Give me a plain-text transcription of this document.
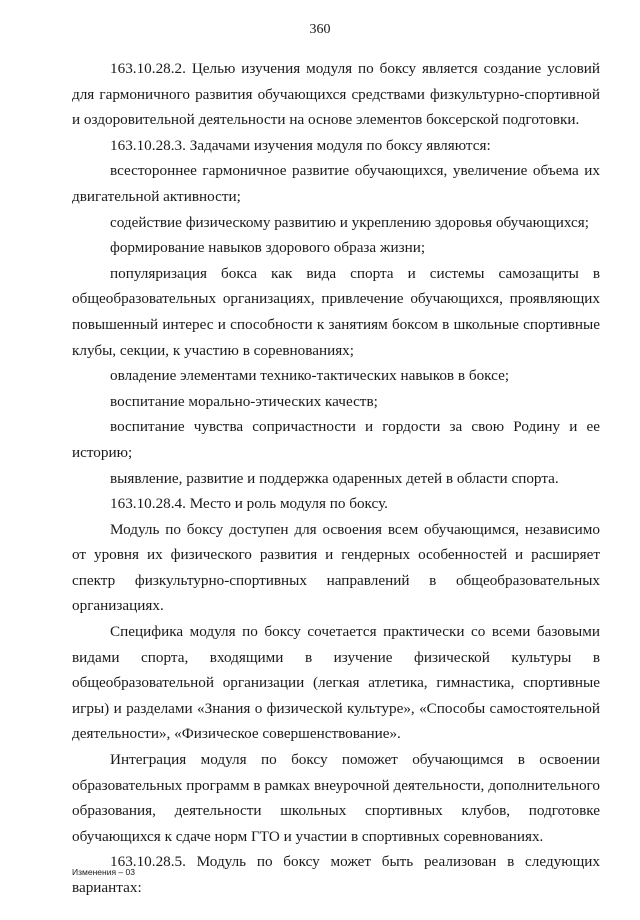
360

163.10.28.2. Целью изучения модуля по боксу является создание условий для гармоничного развития обучающихся средствами физкультурно-спортивной и оздоровительной деятельности на основе элементов боксерской подготовки.

163.10.28.3. Задачами изучения модуля по боксу являются:

всестороннее гармоничное развитие обучающихся, увеличение объема их двигательной активности;

содействие физическому развитию и укреплению здоровья обучающихся;

формирование навыков здорового образа жизни;

популяризация бокса как вида спорта и системы самозащиты в общеобразовательных организациях, привлечение обучающихся, проявляющих повышенный интерес и способности к занятиям боксом в школьные спортивные клубы, секции, к участию в соревнованиях;

овладение элементами технико-тактических навыков в боксе;

воспитание морально-этических качеств;

воспитание чувства сопричастности и гордости за свою Родину и ее историю;

выявление, развитие и поддержка одаренных детей в области спорта.

163.10.28.4. Место и роль модуля по боксу.

Модуль по боксу доступен для освоения всем обучающимся, независимо от уровня их физического развития и гендерных особенностей и расширяет спектр физкультурно-спортивных направлений в общеобразовательных организациях.

Специфика модуля по боксу сочетается практически со всеми базовыми видами спорта, входящими в изучение физической культуры в общеобразовательной организации (легкая атлетика, гимнастика, спортивные игры) и разделами «Знания о физической культуре», «Способы самостоятельной деятельности», «Физическое совершенствование».

Интеграция модуля по боксу поможет обучающимся в освоении образовательных программ в рамках внеурочной деятельности, дополнительного образования, деятельности школьных спортивных клубов, подготовке обучающихся к сдаче норм ГТО и участии в спортивных соревнованиях.

163.10.28.5. Модуль по боксу может быть реализован в следующих вариантах:

Изменения – 03
